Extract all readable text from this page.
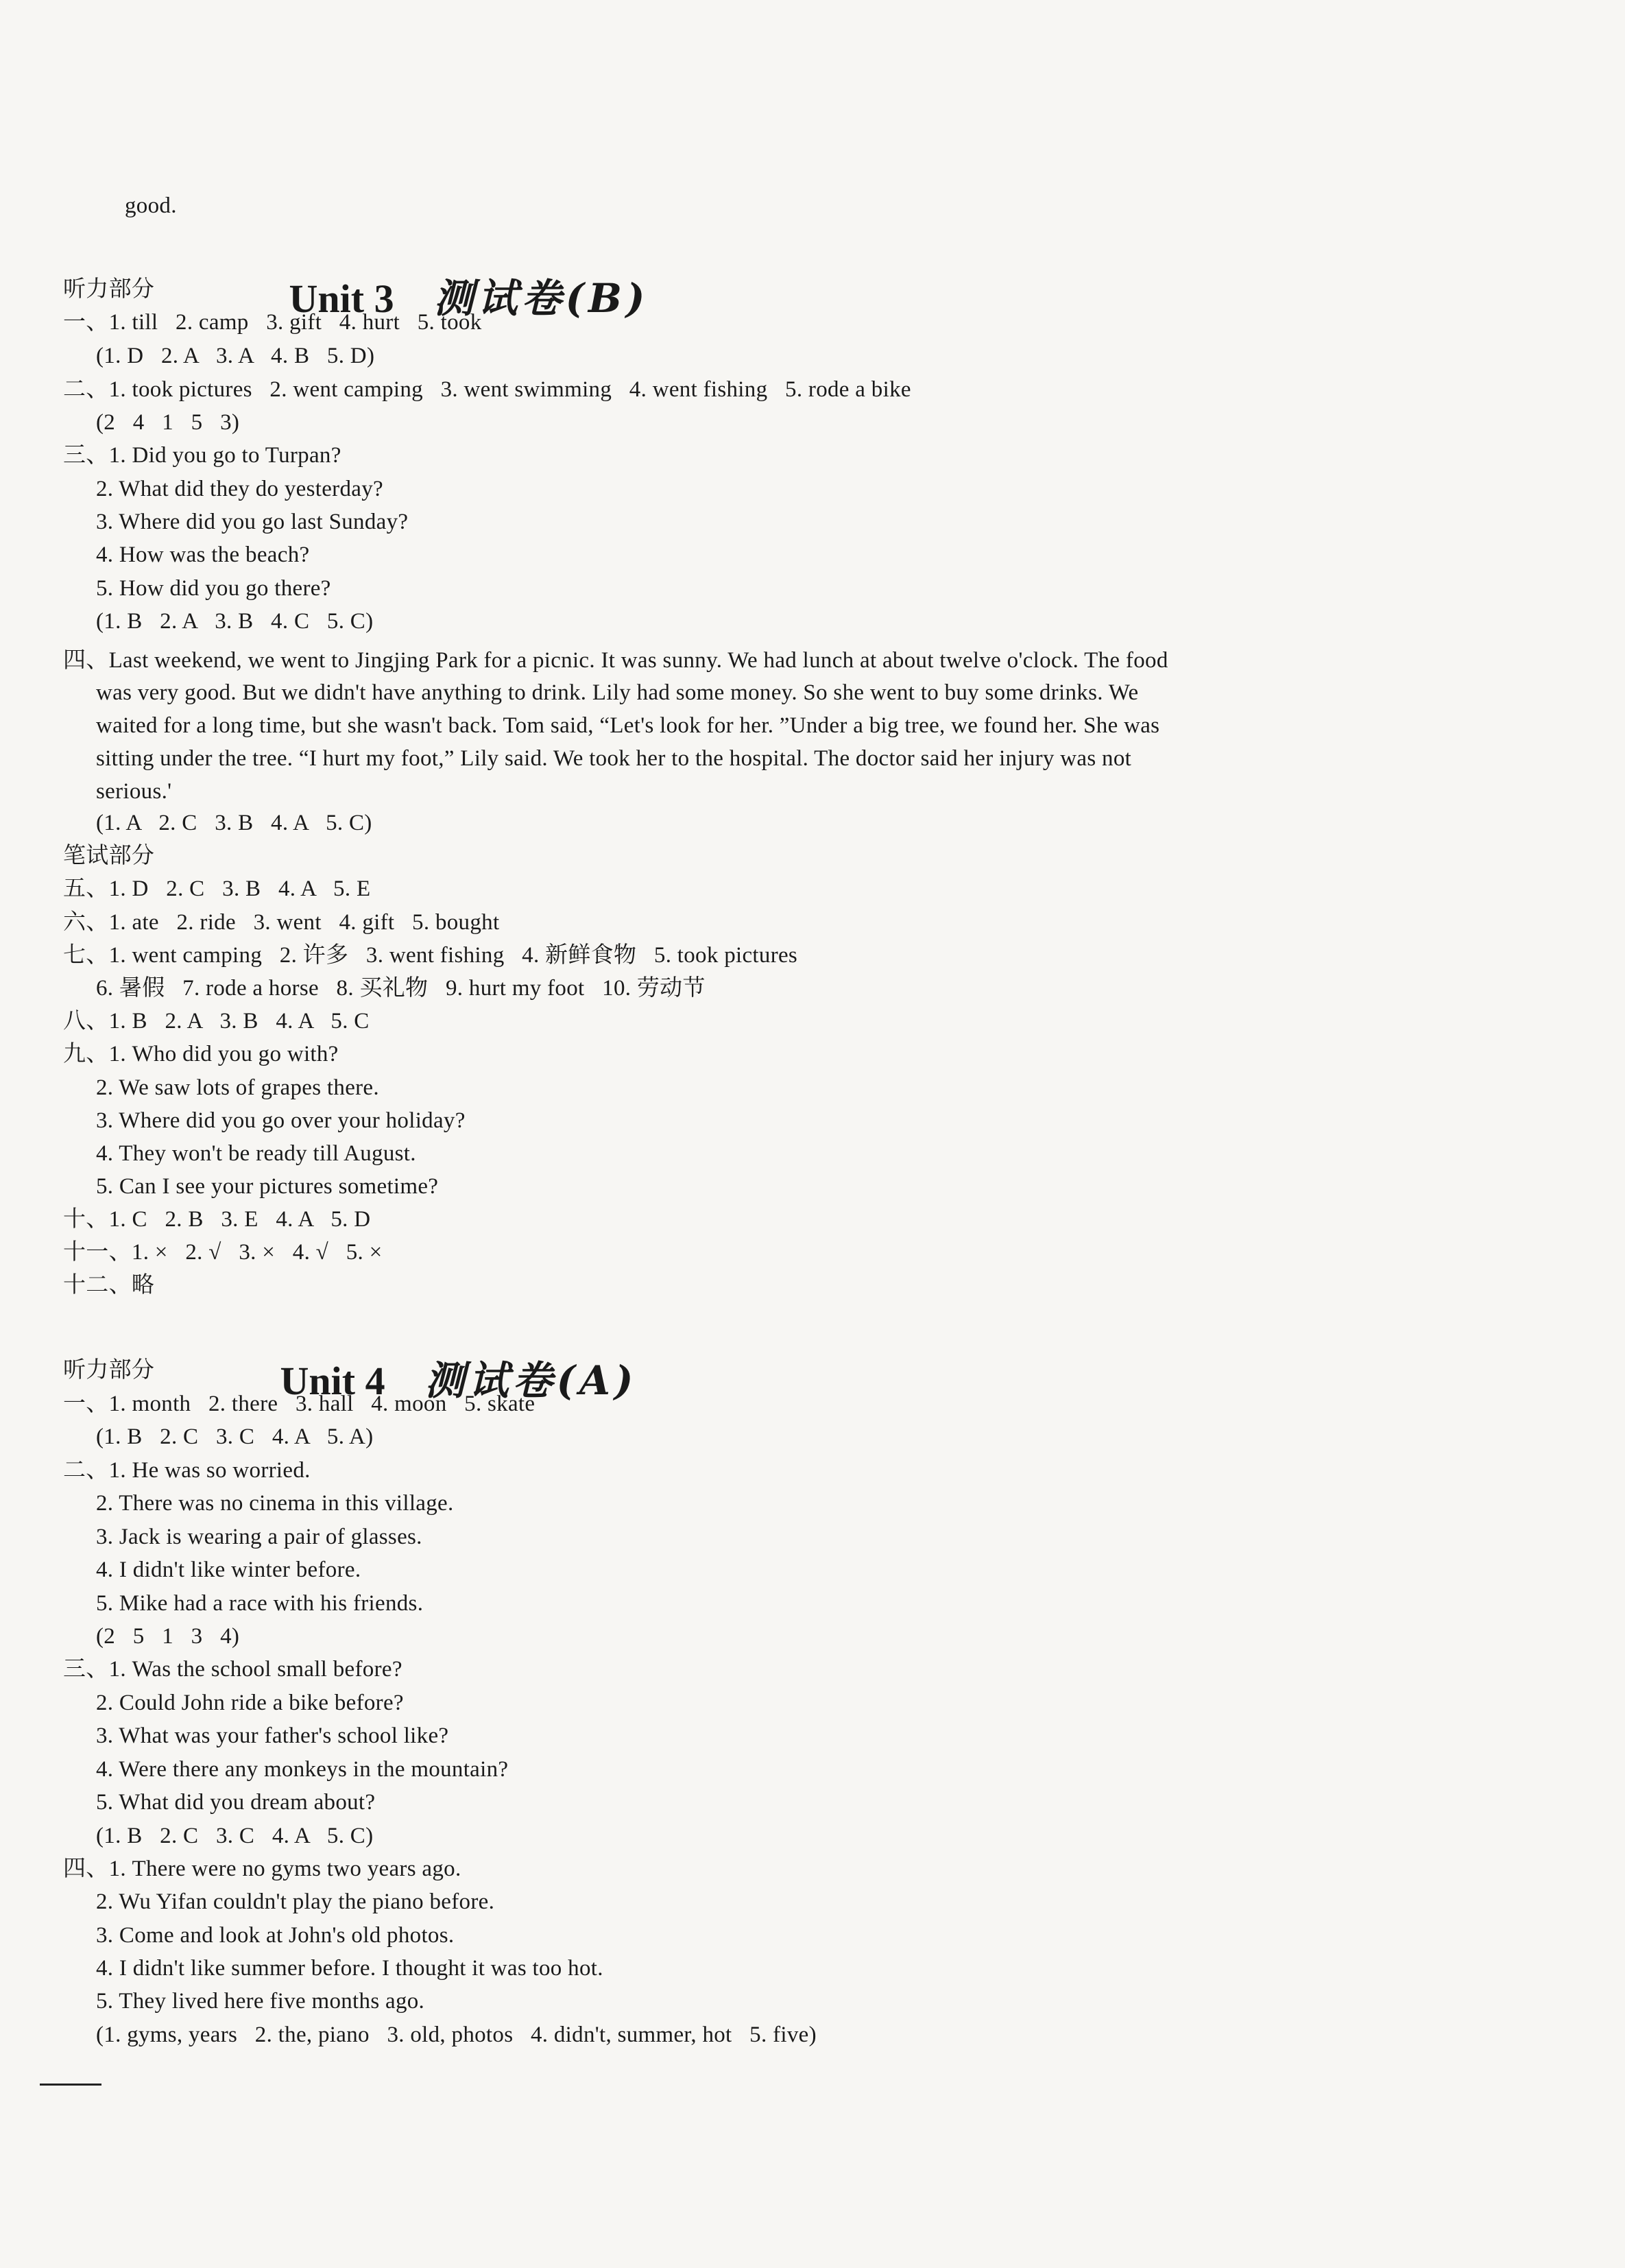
good.

Unit 3 测试卷(B)

听力部分
一、1. till   2. camp   3. gift   4. hurt   5. took
(1. D   2. A   3. A   4. B   5. D)
二、1. took pictures   2. went camping   3. went swimming   4. went fishing   5. rode a bike
(2   4   1   5   3)
三、1. Did you go to Turpan?
2. What did they do yesterday?
3. Where did you go last Sunday?
4. How was the beach?
5. How did you go there?
(1. B   2. A   3. B   4. C   5. C)
四、Last weekend, we went to Jingjing Park for a picnic. It was sunny. We had lunch at about twelve o'clock. The food
was very good. But we didn't have anything to drink. Lily had some money. So she went to buy some drinks. We
waited for a long time, but she wasn't back. Tom said, “Let's look for her. ”Under a big tree, we found her. She was
sitting under the tree. “I hurt my foot,” Lily said. We took her to the hospital. The doctor said her injury was not
serious.'
(1. A   2. C   3. B   4. A   5. C)
笔试部分
五、1. D   2. C   3. B   4. A   5. E
六、1. ate   2. ride   3. went   4. gift   5. bought
七、1. went camping   2. 许多   3. went fishing   4. 新鲜食物   5. took pictures
6. 暑假   7. rode a horse   8. 买礼物   9. hurt my foot   10. 劳动节
八、1. B   2. A   3. B   4. A   5. C
九、1. Who did you go with?
2. We saw lots of grapes there.
3. Where did you go over your holiday?
4. They won't be ready till August.
5. Can I see your pictures sometime?
十、1. C   2. B   3. E   4. A   5. D
十一、1. ×   2. √   3. ×   4. √   5. ×
十二、略

Unit 4 测试卷(A)

听力部分
一、1. month   2. there   3. hall   4. moon   5. skate
(1. B   2. C   3. C   4. A   5. A)
二、1. He was so worried.
2. There was no cinema in this village.
3. Jack is wearing a pair of glasses.
4. I didn't like winter before.
5. Mike had a race with his friends.
(2   5   1   3   4)
三、1. Was the school small before?
2. Could John ride a bike before?
3. What was your father's school like?
4. Were there any monkeys in the mountain?
5. What did you dream about?
(1. B   2. C   3. C   4. A   5. C)
四、1. There were no gyms two years ago.
2. Wu Yifan couldn't play the piano before.
3. Come and look at John's old photos.
4. I didn't like summer before. I thought it was too hot.
5. They lived here five months ago.
(1. gyms, years   2. the, piano   3. old, photos   4. didn't, summer, hot   5. five)
